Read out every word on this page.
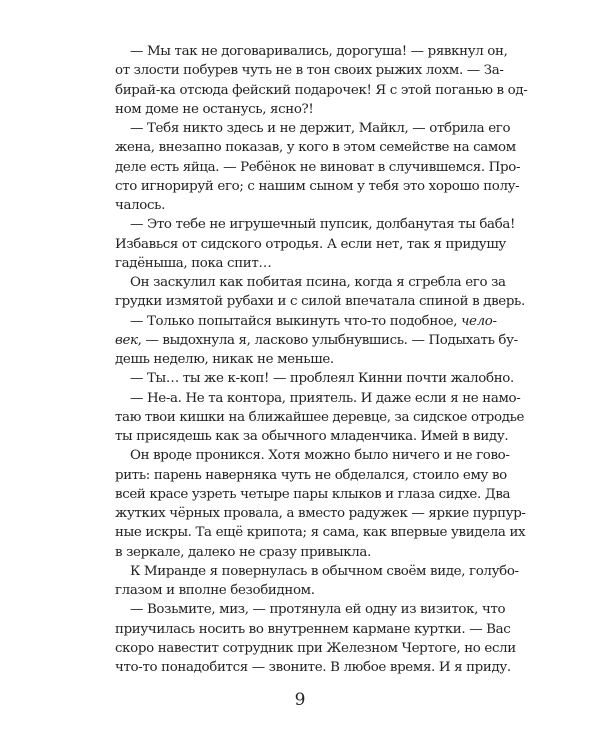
— Мы так не договаривались, дорогуша! — рявкнул он,
от злости побурев чуть не в тон своих рыжих лохм. — За-
бирай-ка отсюда фейский подарочек! Я с этой поганью в од-
ном доме не останусь, ясно?!
— Тебя никто здесь и не держит, Майкл, — отбрила его
жена, внезапно показав, у кого в этом семействе на самом
деле есть яйца. — Ребёнок не виноват в случившемся. Про-
сто игнорируй его; с нашим сыном у тебя это хорошо полу-
чалось.
— Это тебе не игрушечный пупсик, долбанутая ты баба!
Избавься от сидского отродья. А если нет, так я придушу
гадёныша, пока спит…
Он заскулил как побитая псина, когда я сгребла его за
грудки измятой рубахи и с силой впечатала спиной в дверь.
— Только попытайся выкинуть что-то подобное, чело-
век, — выдохнула я, ласково улыбнувшись. — Подыхать бу-
дешь неделю, никак не меньше.
— Ты… ты же к-коп! — проблеял Кинни почти жалобно.
— Не-а. Не та контора, приятель. И даже если я не намо-
таю твои кишки на ближайшее деревце, за сидское отродье
ты присядешь как за обычного младенчика. Имей в виду.
Он вроде проникся. Хотя можно было ничего и не гово-
рить: парень наверняка чуть не обделался, стоило ему во
всей красе узреть четыре пары клыков и глаза сидхе. Два
жутких чёрных провала, а вместо радужек — яркие пурпур-
ные искры. Та ещё крипота; я сама, как впервые увидела их
в зеркале, далеко не сразу привыкла.
К Миранде я повернулась в обычном своём виде, голубо-
глазом и вполне безобидном.
— Возьмите, миз, — протянула ей одну из визиток, что
приучилась носить во внутреннем кармане куртки. — Вас
скоро навестит сотрудник при Железном Чертоге, но если
что-то понадобится — звоните. В любое время. И я приду.
9
